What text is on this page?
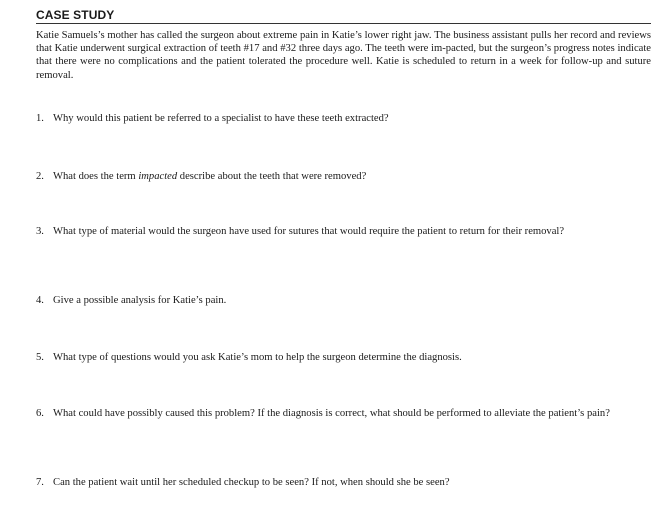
CASE STUDY
Katie Samuels’s mother has called the surgeon about extreme pain in Katie’s lower right jaw. The business assistant pulls her record and reviews that Katie underwent surgical extraction of teeth #17 and #32 three days ago. The teeth were im-pacted, but the surgeon’s progress notes indicate that there were no complications and the patient tolerated the procedure well. Katie is scheduled to return in a week for follow-up and suture removal.
1. Why would this patient be referred to a specialist to have these teeth extracted?
2. What does the term impacted describe about the teeth that were removed?
3. What type of material would the surgeon have used for sutures that would require the patient to return for their removal?
4. Give a possible analysis for Katie’s pain.
5. What type of questions would you ask Katie’s mom to help the surgeon determine the diagnosis.
6. What could have possibly caused this problem? If the diagnosis is correct, what should be performed to alleviate the patient’s pain?
7. Can the patient wait until her scheduled checkup to be seen? If not, when should she be seen?
